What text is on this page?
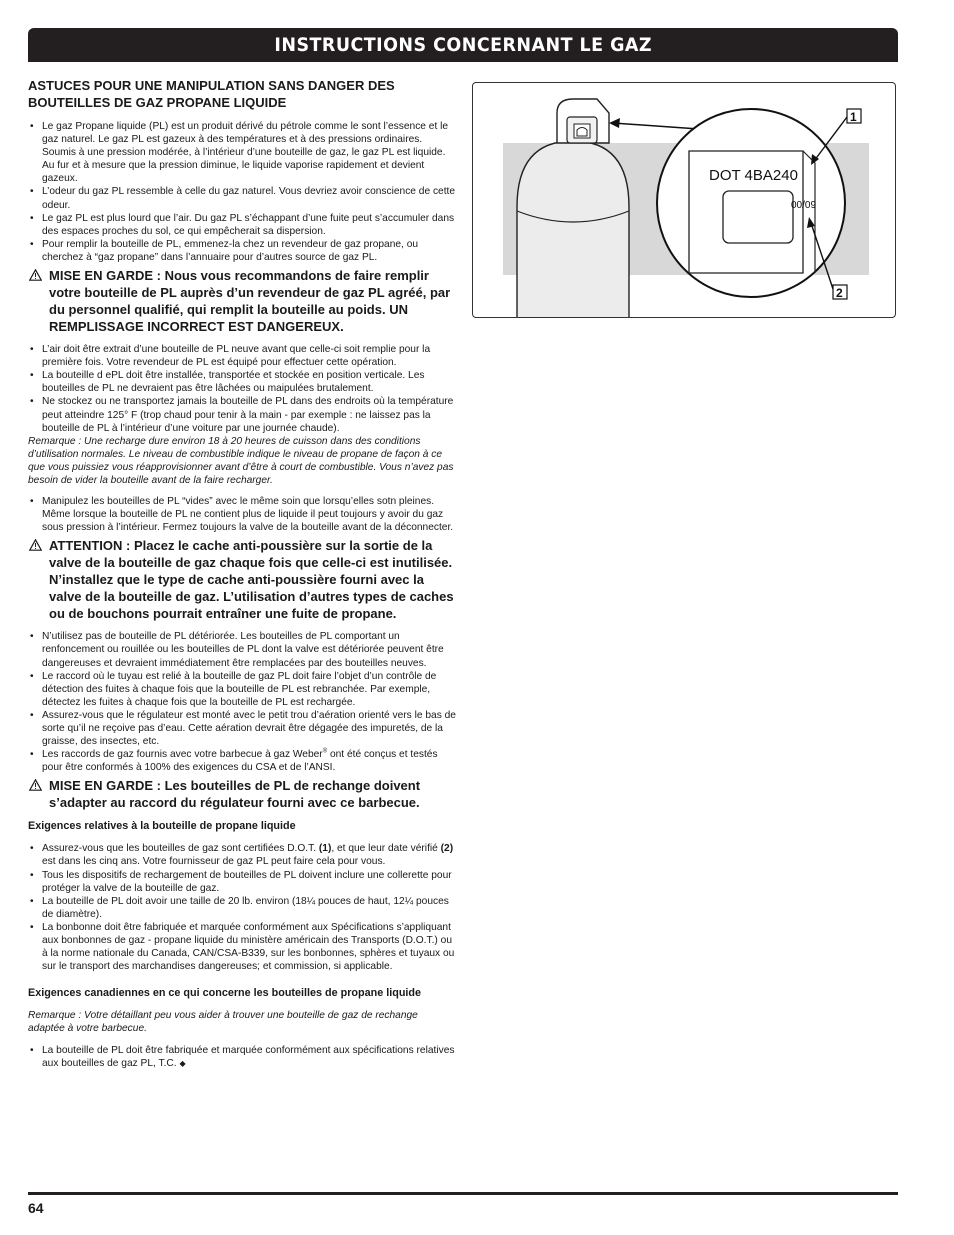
INSTRUCTIONS CONCERNANT LE GAZ
ASTUCES POUR UNE MANIPULATION SANS DANGER DES BOUTEILLES DE GAZ PROPANE LIQUIDE
• Le gaz Propane liquide (PL) est un produit dérivé du pétrole comme le sont l’essence et le gaz naturel. Le gaz PL est gazeux à des températures et à des pressions ordinaires. Soumis à une pression modérée, à l’intérieur d’une bouteille de gaz, le gaz PL est liquide. Au fur et à mesure que la pression diminue, le liquide vaporise rapidement et devient gazeux.
• L’odeur du gaz PL ressemble à celle du gaz naturel. Vous devriez avoir conscience de cette odeur.
• Le gaz PL est plus lourd que l’air. Du gaz PL s’échappant d’une fuite peut s’accumuler dans des espaces proches du sol, ce qui empêcherait sa dispersion.
• Pour remplir la bouteille de PL, emmenez-la chez un revendeur de gaz propane, ou cherchez à “gaz propane” dans l’annuaire pour d’autres source de gaz PL.
MISE EN GARDE : Nous vous recommandons de faire remplir votre bouteille de PL auprès d’un revendeur de gaz PL agréé, par du personnel qualifié, qui remplit la bouteille au poids. UN REMPLISSAGE INCORRECT EST DANGEREUX.
• L’air doit être extrait d’une bouteille de PL neuve avant que celle-ci soit remplie pour la première fois. Votre revendeur de PL est équipé pour effectuer cette opération.
• La bouteille d ePL doit être installée, transportée et stockée en position verticale. Les bouteilles de PL ne devraient pas être lâchées ou maipulées brutalement.
• Ne stockez ou ne transportez jamais la bouteille de PL dans des endroits où la température peut atteindre 125° F (trop chaud pour tenir à la main - par exemple : ne laissez pas la bouteille de PL à l’intérieur d’une voiture par une journée chaude).
Remarque : Une recharge dure environ 18 à 20 heures de cuisson dans des conditions d’utilisation normales. Le niveau de combustible indique le niveau de propane de façon à ce que vous puissiez vous réapprovisionner avant d’être à court de combustible. Vous n’avez pas besoin de vider la bouteille avant de la faire recharger.
• Manipulez les bouteilles de PL “vides” avec le même soin que lorsqu’elles sotn pleines. Même lorsque la bouteille de PL ne contient plus de liquide il peut toujours y avoir du gaz sous pression à l’intérieur. Fermez toujours la valve de la bouteille avant de la déconnecter.
ATTENTION : Placez le cache anti-poussière sur la sortie de la valve de la bouteille de gaz chaque fois que celle-ci est inutilisée. N’installez que le type de cache anti-poussière fourni avec la valve de la bouteille de gaz. L’utilisation d’autres types de caches ou de bouchons pourrait entraîner une fuite de propane.
• N’utilisez pas de bouteille de PL détériorée. Les bouteilles de PL comportant un renfoncement ou rouillée ou les bouteilles de PL dont la valve est détériorée peuvent être dangereuses et devraient immédiatement être remplacées par des bouteilles neuves.
• Le raccord où le tuyau est relié à la bouteille de gaz PL doit faire l’objet d’un contrôle de détection des fuites à chaque fois que la bouteille de PL est rebranchée. Par exemple, détectez les fuites à chaque fois que la bouteille de PL est rechargée.
• Assurez-vous que le régulateur est monté avec le petit trou d’aération orienté vers le bas de sorte qu’il ne reçoive pas d’eau. Cette aération devrait être dégagée des impuretés, de la graisse, des insectes, etc.
• Les raccords de gaz fournis avec votre barbecue à gaz Weber® ont été conçus et testés pour être conformés à 100% des exigences du CSA et de l’ANSI.
MISE EN GARDE : Les bouteilles de PL de rechange doivent s’adapter au raccord du régulateur fourni avec ce barbecue.
Exigences relatives à la bouteille de propane liquide
• Assurez-vous que les bouteilles de gaz sont certifiées D.O.T. (1), et que leur date vérifié (2) est dans les cinq ans. Votre fournisseur de gaz PL peut faire cela pour vous.
• Tous les dispositifs de rechargement de bouteilles de PL doivent inclure une collerette pour protéger la valve de la bouteille de gaz.
• La bouteille de PL doit avoir une taille de 20 lb. environ (18¼ pouces de haut, 12¼ pouces de diamètre).
• La bonbonne doit être fabriquée et marquée conformément aux Spécifications s’appliquant aux bonbonnes de gaz - propane liquide du ministère américain des Transports (D.O.T.) ou à la norme nationale du Canada, CAN/CSA-B339, sur les bonbonnes, sphères et tuyaux ou sur le transport des marchandises dangereuses; et commission, si applicable.
Exigences canadiennes en ce qui concerne les bouteilles de propane liquide
Remarque : Votre détaillant peu vous aider à trouver une bouteille de gaz de rechange adaptée à votre barbecue.
• La bouteille de PL doit être fabriquée et marquée conformément aux spécifications relatives aux bouteilles de gaz PL, T.C. ◆
DOT 4BA240
00/09
1
2
64
